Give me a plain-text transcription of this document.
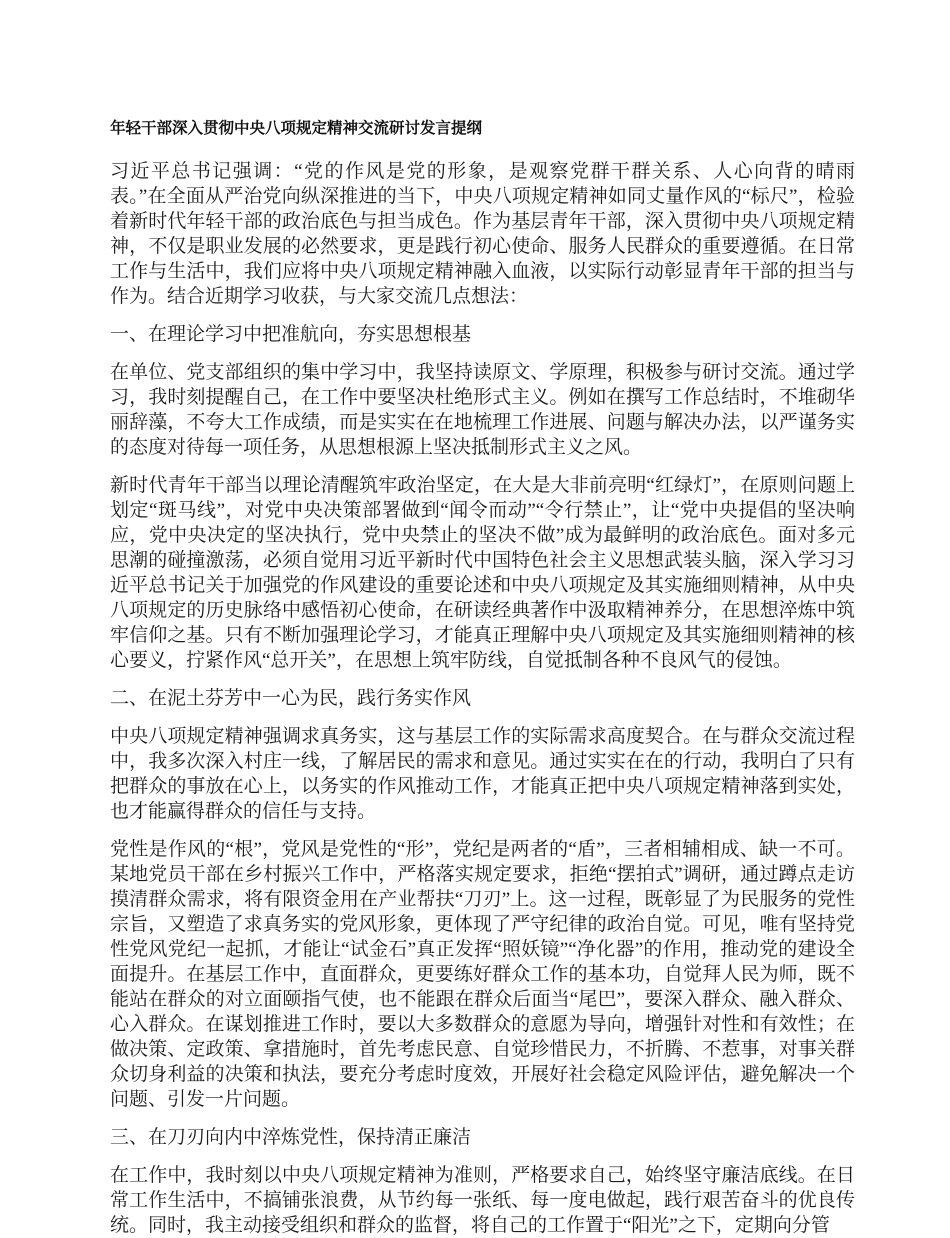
年轻干部深入贯彻中央八项规定精神交流研讨发言提纲

习近平总书记强调：“党的作风是党的形象，是观察党群干群关系、人心向背的晴雨表。”在全面从严治党向纵深推进的当下，中央八项规定精神如同丈量作风的“标尺”，检验着新时代年轻干部的政治底色与担当成色。作为基层青年干部，深入贯彻中央八项规定精神，不仅是职业发展的必然要求，更是践行初心使命、服务人民群众的重要遵循。在日常工作与生活中，我们应将中央八项规定精神融入血液，以实际行动彰显青年干部的担当与作为。结合近期学习收获，与大家交流几点想法：

一、在理论学习中把准航向，夯实思想根基

在单位、党支部组织的集中学习中，我坚持读原文、学原理，积极参与研讨交流。通过学习，我时刻提醒自己，在工作中要坚决杜绝形式主义。例如在撰写工作总结时，不堆砌华丽辞藻，不夸大工作成绩，而是实实在在地梳理工作进展、问题与解决办法，以严谨务实的态度对待每一项任务，从思想根源上坚决抵制形式主义之风。

新时代青年干部当以理论清醒筑牢政治坚定，在大是大非前亮明“红绿灯”，在原则问题上划定“斑马线”，对党中央决策部署做到“闻令而动”“令行禁止”，让“党中央提倡的坚决响应，党中央决定的坚决执行，党中央禁止的坚决不做”成为最鲜明的政治底色。面对多元思潮的碰撞激荡，必须自觉用习近平新时代中国特色社会主义思想武装头脑，深入学习习近平总书记关于加强党的作风建设的重要论述和中央八项规定及其实施细则精神，从中央八项规定的历史脉络中感悟初心使命，在研读经典著作中汲取精神养分，在思想淬炼中筑牢信仰之基。只有不断加强理论学习，才能真正理解中央八项规定及其实施细则精神的核心要义，拧紧作风“总开关”，在思想上筑牢防线，自觉抵制各种不良风气的侵蚀。

二、在泥土芬芳中一心为民，践行务实作风

中央八项规定精神强调求真务实，这与基层工作的实际需求高度契合。在与群众交流过程中，我多次深入村庄一线，了解居民的需求和意见。通过实实在在的行动，我明白了只有把群众的事放在心上，以务实的作风推动工作，才能真正把中央八项规定精神落到实处，也才能赢得群众的信任与支持。

党性是作风的“根”，党风是党性的“形”，党纪是两者的“盾”，三者相辅相成、缺一不可。某地党员干部在乡村振兴工作中，严格落实规定要求，拒绝“摆拍式”调研，通过蹲点走访摸清群众需求，将有限资金用在产业帮扶“刀刃”上。这一过程，既彰显了为民服务的党性宗旨，又塑造了求真务实的党风形象，更体现了严守纪律的政治自觉。可见，唯有坚持党性党风党纪一起抓，才能让“试金石”真正发挥“照妖镜”“净化器”的作用，推动党的建设全面提升。在基层工作中，直面群众，更要练好群众工作的基本功，自觉拜人民为师，既不能站在群众的对立面颐指气使，也不能跟在群众后面当“尾巴”，要深入群众、融入群众、心入群众。在谋划推进工作时，要以大多数群众的意愿为导向，增强针对性和有效性；在做决策、定政策、拿措施时，首先考虑民意、自觉珍惜民力，不折腾、不惹事，对事关群众切身利益的决策和执法，要充分考虑时度效，开展好社会稳定风险评估，避免解决一个问题、引发一片问题。

三、在刀刃向内中淬炼党性，保持清正廉洁

在工作中，我时刻以中央八项规定精神为准则，严格要求自己，始终坚守廉洁底线。在日常工作生活中，不搞铺张浪费，从节约每一张纸、每一度电做起，践行艰苦奋斗的优良传统。同时，我主动接受组织和群众的监督，将自己的工作置于“阳光”之下，定期向分管
